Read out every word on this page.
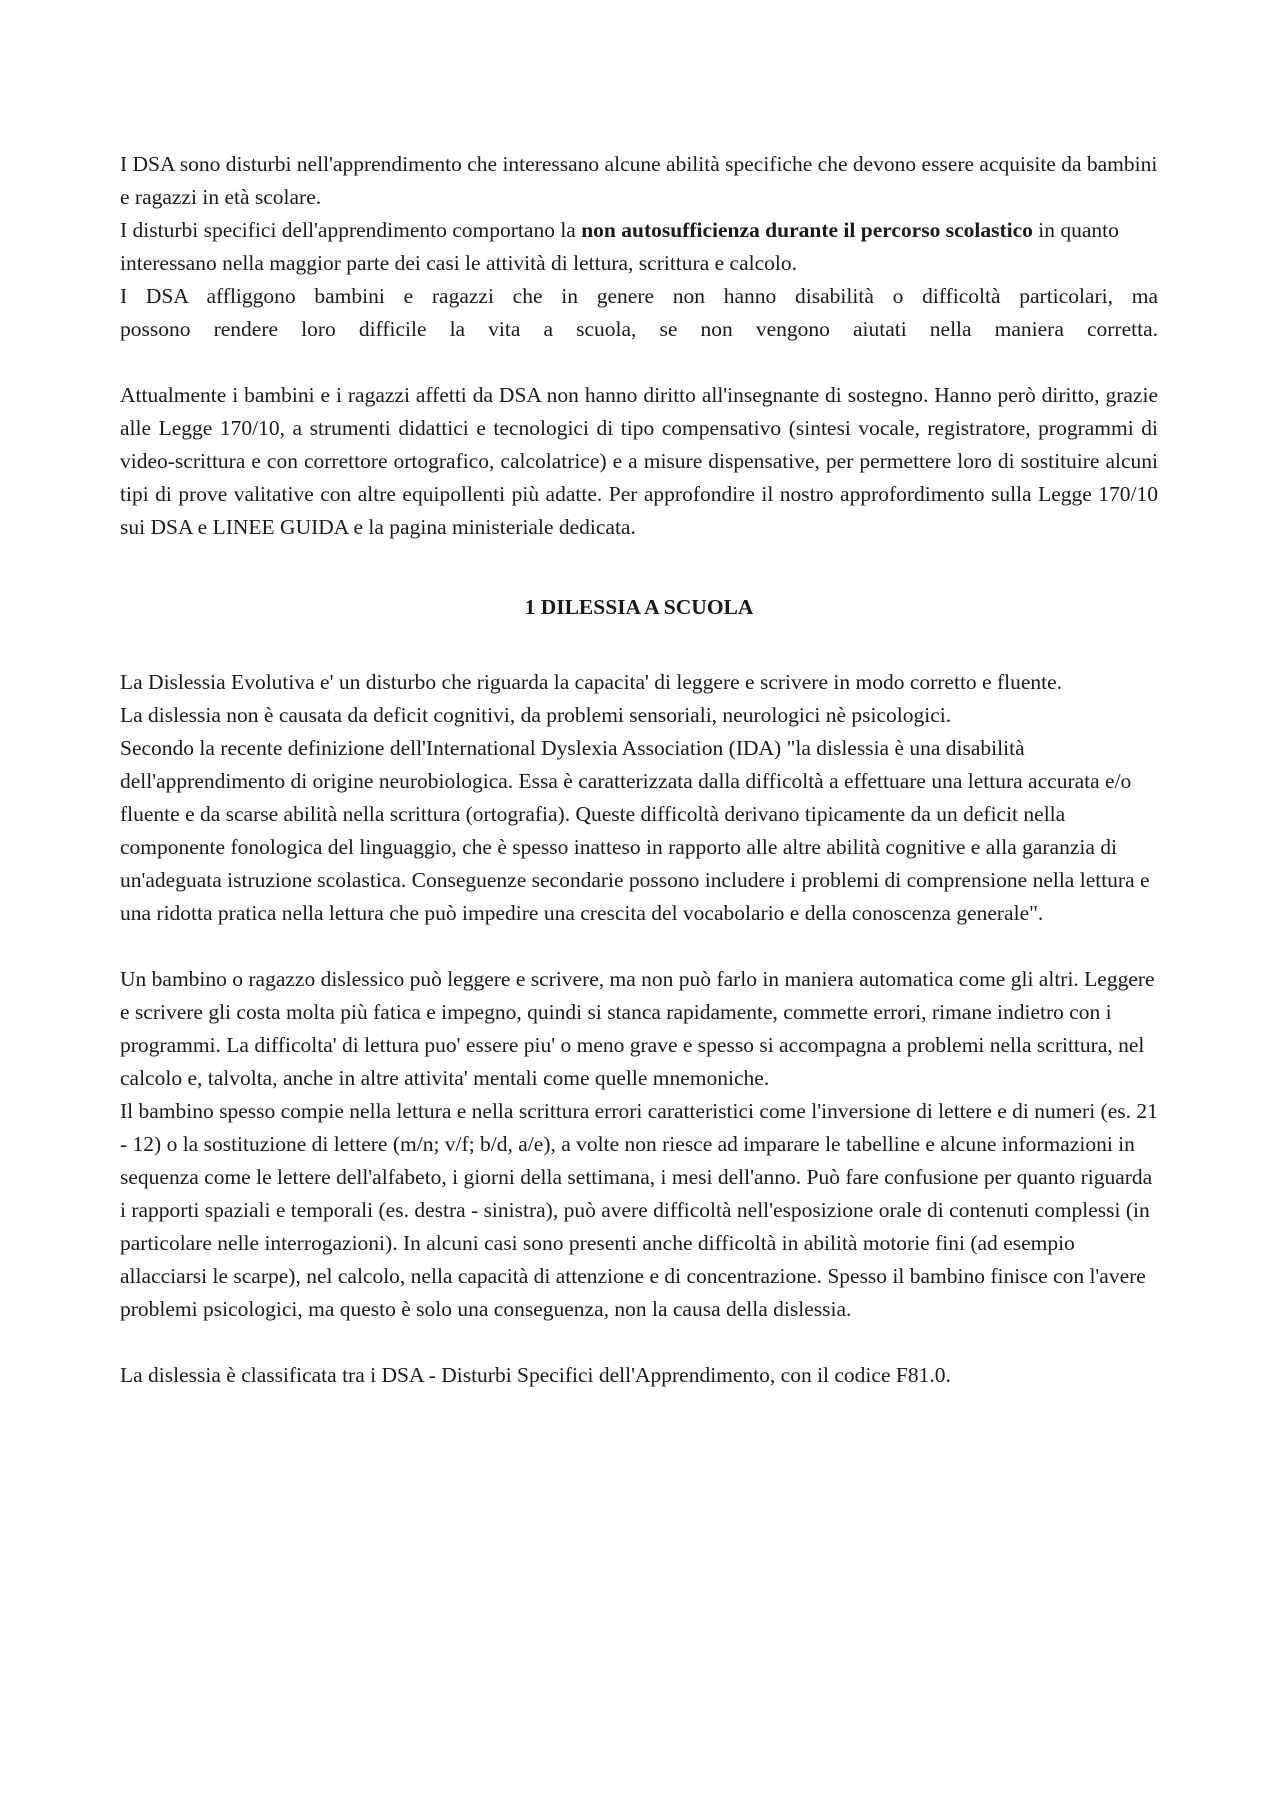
I DSA sono disturbi nell'apprendimento che interessano alcune abilità specifiche che devono essere acquisite da bambini e ragazzi in età scolare.

I disturbi specifici dell'apprendimento comportano la non autosufficienza durante il percorso scolastico in quanto interessano nella maggior parte dei casi le attività di lettura, scrittura e calcolo.

I DSA affliggono bambini e ragazzi che in genere non hanno disabilità o difficoltà particolari, ma

possono rendere loro difficile la vita a scuola, se non vengono aiutati nella maniera corretta.

Attualmente i bambini e i ragazzi affetti da DSA non hanno diritto all'insegnante di sostegno. Hanno però diritto, grazie alle Legge 170/10, a strumenti didattici e tecnologici di tipo compensativo (sintesi vocale, registratore, programmi di video-scrittura e con correttore ortografico, calcolatrice) e a misure dispensative, per permettere loro di sostituire alcuni tipi di prove valitative con altre equipollenti più adatte. Per approfondire il nostro approfordimento sulla Legge 170/10 sui DSA e LINEE GUIDA e la pagina ministeriale dedicata.

1 DILESSIA A SCUOLA

La Dislessia Evolutiva e' un disturbo che riguarda la capacita' di leggere e scrivere in modo corretto e fluente.

La dislessia non è causata da deficit cognitivi, da problemi sensoriali, neurologici nè psicologici.

Secondo la recente definizione dell'International Dyslexia Association (IDA) "la dislessia è una disabilità dell'apprendimento di origine neurobiologica. Essa è caratterizzata dalla difficoltà a effettuare una lettura accurata e/o fluente e da scarse abilità nella scrittura (ortografia). Queste difficoltà derivano tipicamente da un deficit nella componente fonologica del linguaggio, che è spesso inatteso in rapporto alle altre abilità cognitive e alla garanzia di un'adeguata istruzione scolastica. Conseguenze secondarie possono includere i problemi di comprensione nella lettura e una ridotta pratica nella lettura che può impedire una crescita del vocabolario e della conoscenza generale".

Un bambino o ragazzo dislessico può leggere e scrivere, ma non può farlo in maniera automatica come gli altri. Leggere e scrivere gli costa molta più fatica e impegno, quindi si stanca rapidamente, commette errori, rimane indietro con i programmi. La difficolta' di lettura puo' essere piu' o meno grave e spesso si accompagna a problemi nella scrittura, nel calcolo e, talvolta, anche in altre attivita' mentali come quelle mnemoniche.

Il bambino spesso compie nella lettura e nella scrittura errori caratteristici come l'inversione di lettere e di numeri (es. 21 - 12) o la sostituzione di lettere (m/n; v/f; b/d, a/e), a volte non riesce ad imparare le tabelline e alcune informazioni in sequenza come le lettere dell'alfabeto, i giorni della settimana, i mesi dell'anno. Può fare confusione per quanto riguarda i rapporti spaziali e temporali (es. destra - sinistra), può avere difficoltà nell'esposizione orale di contenuti complessi (in particolare nelle interrogazioni). In alcuni casi sono presenti anche difficoltà in abilità motorie fini (ad esempio allacciarsi le scarpe), nel calcolo, nella capacità di attenzione e di concentrazione. Spesso il bambino finisce con l'avere problemi psicologici, ma questo è solo una conseguenza, non la causa della dislessia.

La dislessia è classificata tra i DSA - Disturbi Specifici dell'Apprendimento, con il codice F81.0.
